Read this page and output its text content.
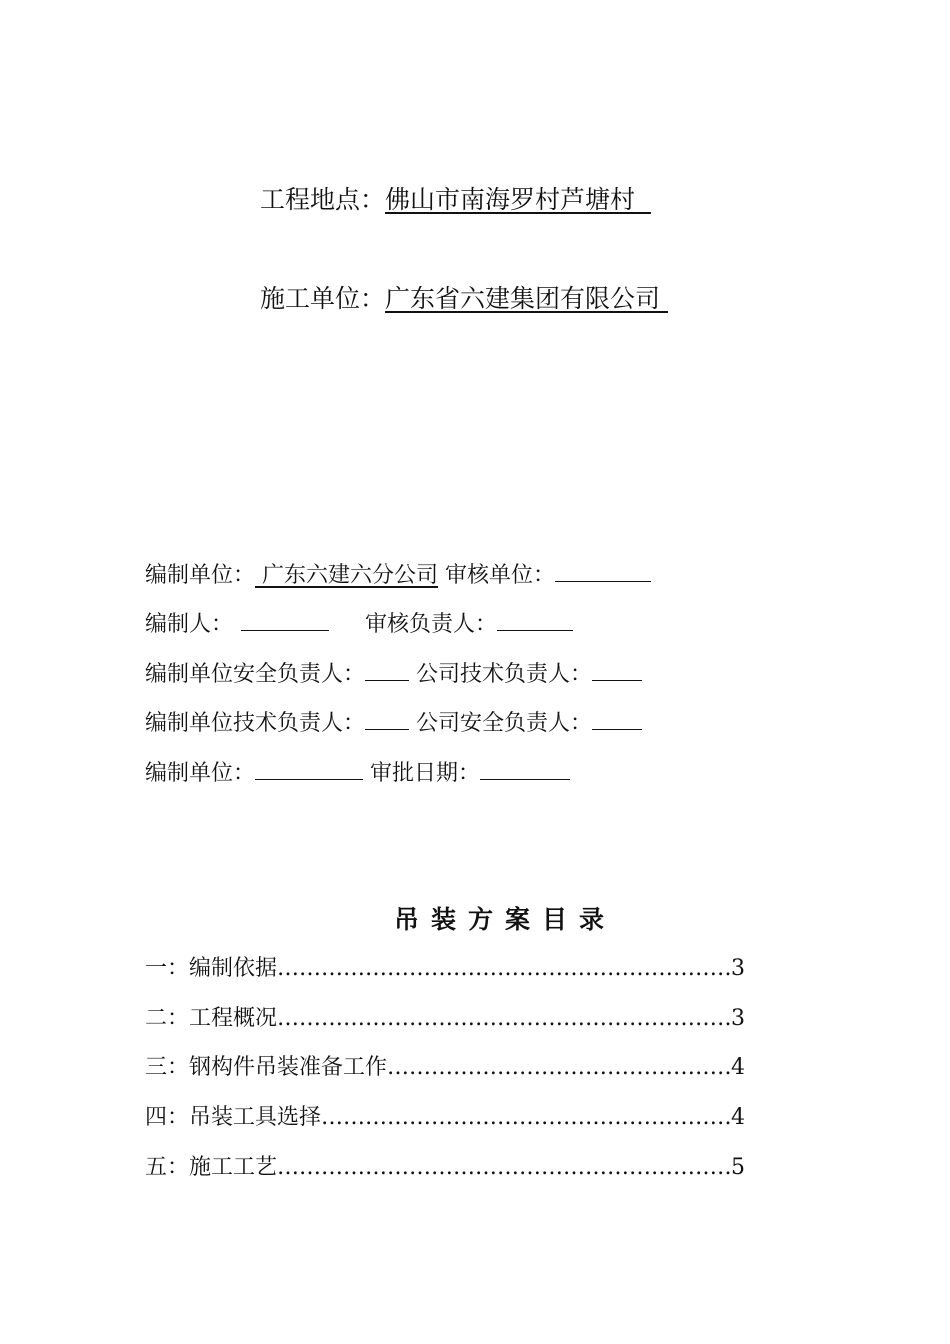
工程地点：佛山市南海罗村芦塘村
施工单位：广东省六建集团有限公司
编制单位： 广东六建六分公司 审核单位：
编制人：	审核负责人：
编制单位安全负责人： 公司技术负责人：
编制单位技术负责人： 公司安全负责人：
编制单位：	审批日期：
吊装方案目录
一：编制依据 …………………………………………………………………………………………………………………………	3
二：工程概况 …………………………………………………………………………………………………………………………	3
三：钢构件吊装准备工作 …………………………………………………………………………………………………………………………	4
四：吊装工具选择 …………………………………………………………………………………………………………………………	4
五：施工工艺 …………………………………………………………………………………………………………………………	5
